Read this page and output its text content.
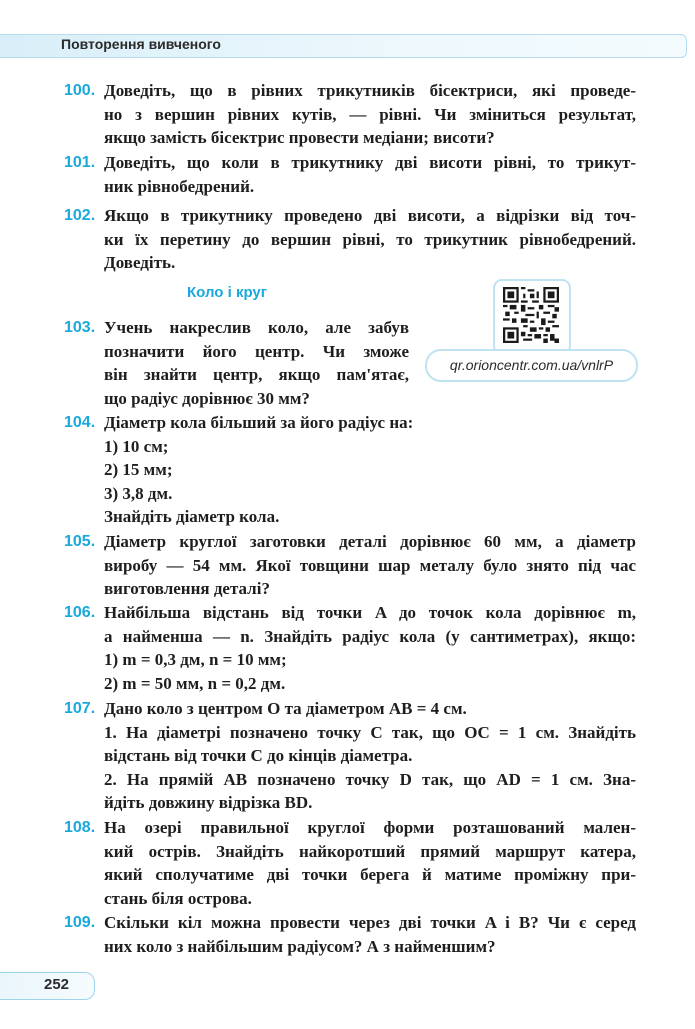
Повторення вивченого
100. Доведіть, що в рівних трикутників бісектриси, які проведе-
но з вершин рівних кутів, — рівні. Чи зміниться результат,
якщо замість бісектрис провести медіани; висоти?
101. Доведіть, що коли в трикутнику дві висоти рівні, то трикут-
ник рівнобедрений.
102. Якщо в трикутнику проведено дві висоти, а відрізки від точ-
ки їх перетину до вершин рівні, то трикутник рівнобедрений.
Доведіть.
Коло і круг
qr.orioncentr.com.ua/vnlrP
103. Учень накреслив коло, але забув
позначити його центр. Чи зможе
він знайти центр, якщо пам'ятає,
що радіус дорівнює 30 мм?
104. Діаметр кола більший за його радіус на:
1) 10 см;
2) 15 мм;
3) 3,8 дм.
Знайдіть діаметр кола.
105. Діаметр круглої заготовки деталі дорівнює 60 мм, а діаметр
виробу — 54 мм. Якої товщини шар металу було знято під час
виготовлення деталі?
106. Найбільша відстань від точки A до точок кола дорівнює m,
а найменша — n. Знайдіть радіус кола (у сантиметрах), якщо:
1) m = 0,3 дм, n = 10 мм;
2) m = 50 мм, n = 0,2 дм.
107. Дано коло з центром O та діаметром AB = 4 см.
1. На діаметрі позначено точку C так, що OC = 1 см. Знайдіть
відстань від точки C до кінців діаметра.
2. На прямій AB позначено точку D так, що AD = 1 см. Зна-
йдіть довжину відрізка BD.
108. На озері правильної круглої форми розташований мален-
кий острів. Знайдіть найкоротший прямий маршрут катера,
який сполучатиме дві точки берега й матиме проміжну при-
стань біля острова.
109. Скільки кіл можна провести через дві точки A і B? Чи є серед
них коло з найбільшим радіусом? А з найменшим?
252
